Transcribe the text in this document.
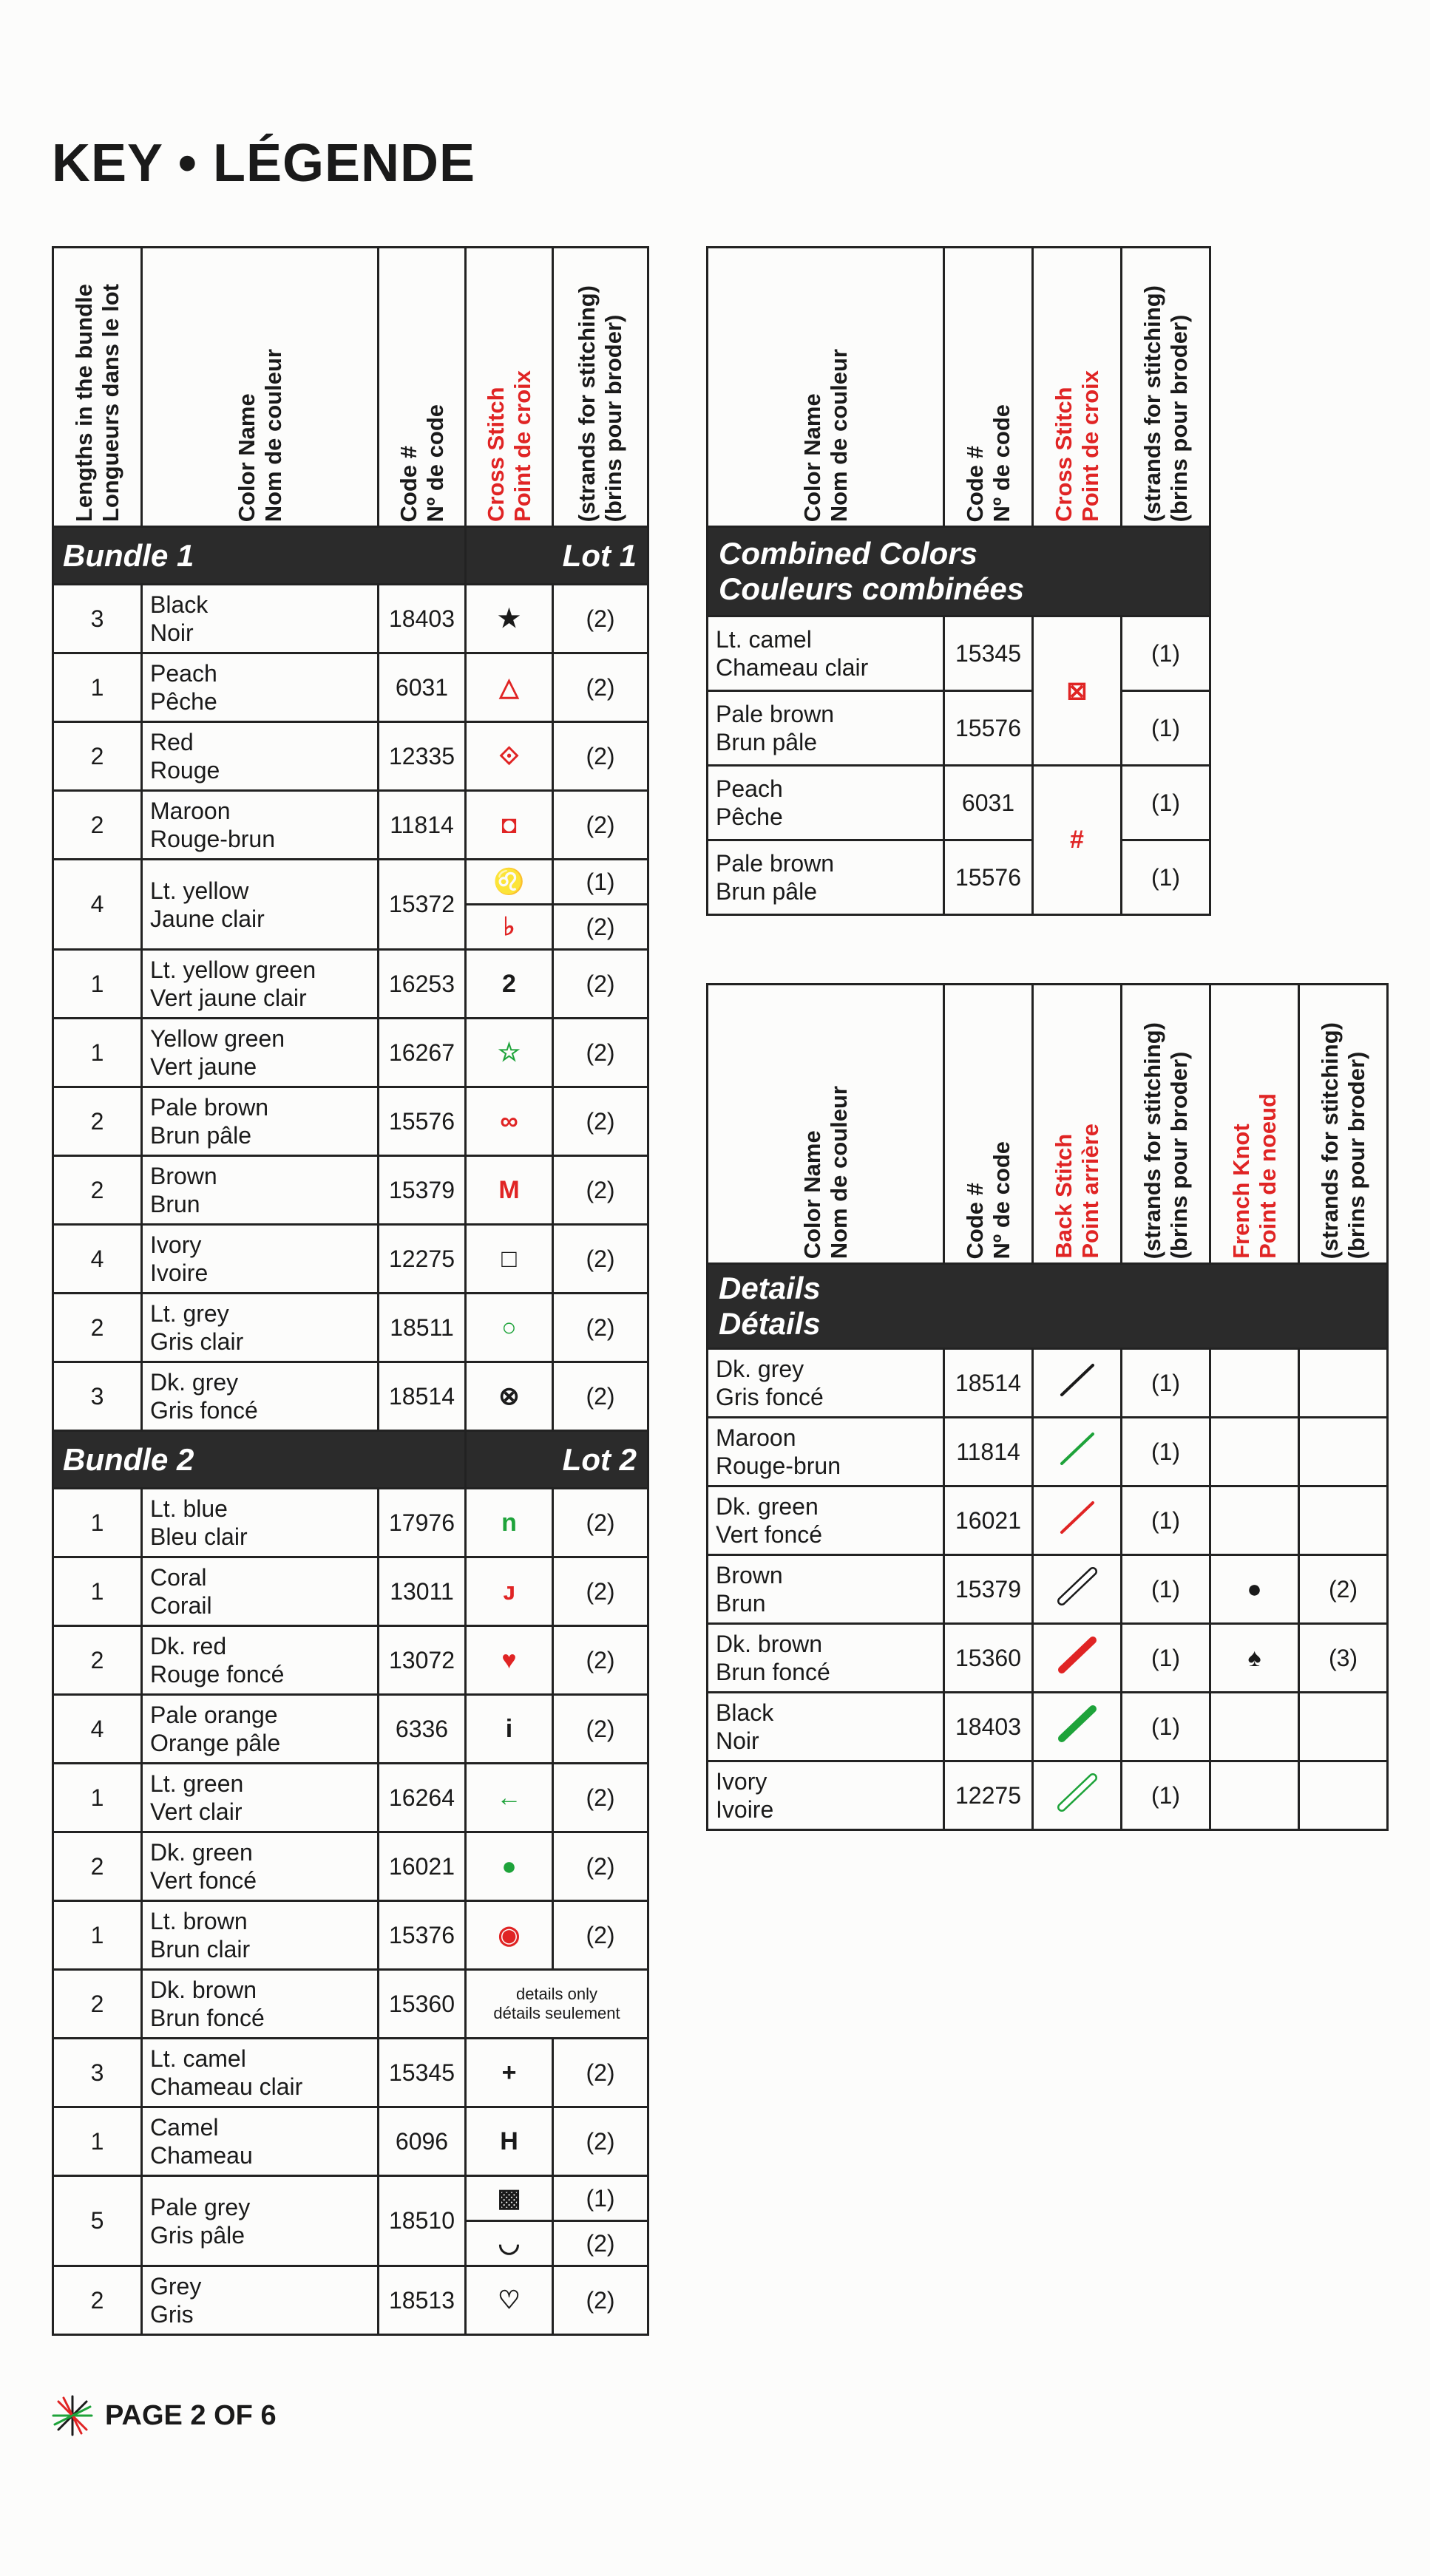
KEY • LÉGENDE
Lengths in the bundle
Longueurs dans le lot	Color Name
Nom de couleur	Code #
Nº de code	Cross Stitch
Point de croix	(strands for stitching)
(brins pour broder)
Bundle 1			Lot 1	
3	Black
Noir	18403	★	(2)
1	Peach
Pêche	6031	△	(2)
2	Red
Rouge	12335	⟐	(2)
2	Maroon
Rouge-brun	11814	◘	(2)
4	Lt. yellow
Jaune clair	15372	♌	(1)
			♭	(2)
1	Lt. yellow green
Vert jaune clair	16253	2	(2)
1	Yellow green
Vert jaune	16267	☆	(2)
2	Pale brown
Brun pâle	15576	∞	(2)
2	Brown
Brun	15379	M	(2)
4	Ivory
Ivoire	12275	□	(2)
2	Lt. grey
Gris clair	18511	○	(2)
3	Dk. grey
Gris foncé	18514	⊗	(2)
Bundle 2			Lot 2	
1	Lt. blue
Bleu clair	17976	n	(2)
1	Coral
Corail	13011	ᴊ	(2)
2	Dk. red
Rouge foncé	13072	♥	(2)
4	Pale orange
Orange pâle	6336	i	(2)
1	Lt. green
Vert clair	16264	←	(2)
2	Dk. green
Vert foncé	16021	●	(2)
1	Lt. brown
Brun clair	15376	◉	(2)
2	Dk. brown
Brun foncé	15360	details only
détails seulement	
3	Lt. camel
Chameau clair	15345	+	(2)
1	Camel
Chameau	6096	H	(2)
5	Pale grey
Gris pâle	18510	▩	(1)
			◡	(2)
2	Grey
Gris	18513	♡	(2)
Color Name
Nom de couleur	Code #
Nº de code	Cross Stitch
Point de croix	(strands for stitching)
(brins pour broder)
Combined Colors
Couleurs combinées			
Lt. camel
Chameau clair	15345	⊠	(1)
Pale brown
Brun pâle	15576		(1)
Peach
Pêche	6031	#	(1)
Pale brown
Brun pâle	15576		(1)
Color Name
Nom de couleur	Code #
Nº de code	Back Stitch
Point arrière	(strands for stitching)
(brins pour broder)	French Knot
Point de noeud	(strands for stitching)
(brins pour broder)
Details
Détails					
Dk. grey
Gris foncé	18514		(1)		
Maroon
Rouge-brun	11814		(1)		
Dk. green
Vert foncé	16021		(1)		
Brown
Brun	15379		(1)	●	(2)
Dk. brown
Brun foncé	15360		(1)	♠	(3)
Black
Noir	18403		(1)		
Ivory
Ivoire	12275		(1)		
PAGE 2 OF 6
